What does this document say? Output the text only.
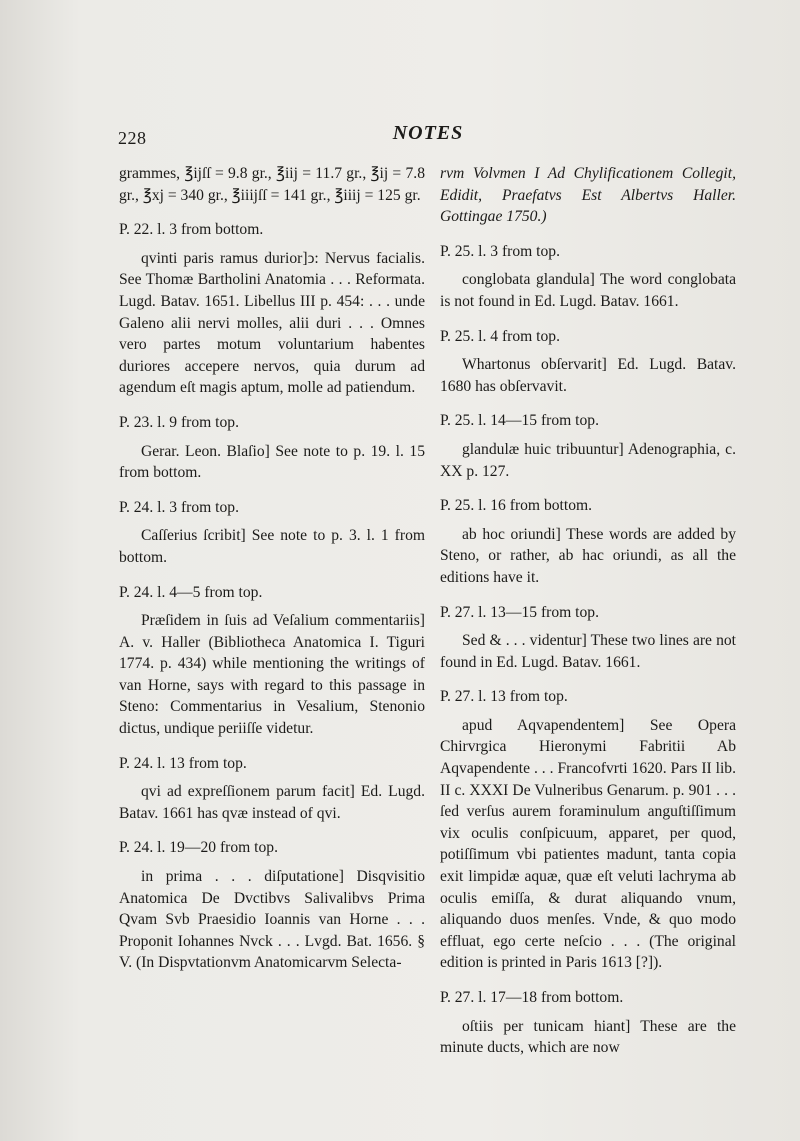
228	NOTES

grammes, ℥ijſſ = 9.8 gr., ℥iij = 11.7 gr., ℥ij = 7.8 gr., ℥xj = 340 gr., ℥iiijſſ = 141 gr., ℥iiij = 125 gr.

P. 22. l. 3 from bottom.

qvinti paris ramus durior]ↄ: Nervus facialis. See Thomæ Bartholini Anatomia . . . Reformata. Lugd. Batav. 1651. Libellus III p. 454: . . . unde Galeno alii nervi molles, alii duri . . . Omnes vero partes motum voluntarium habentes duriores accepere nervos, quia durum ad agendum eſt magis aptum, molle ad patiendum.

P. 23. l. 9 from top.

Gerar. Leon. Blaſio] See note to p. 19. l. 15 from bottom.

P. 24. l. 3 from top.

Caſſerius ſcribit] See note to p. 3. l. 1 from bottom.

P. 24. l. 4—5 from top.

Præſidem in ſuis ad Veſalium commentariis] A. v. Haller (Bibliotheca Anatomica I. Tiguri 1774. p. 434) while mentioning the writings of van Horne, says with regard to this passage in Steno: Commentarius in Vesalium, Stenonio dictus, undique periiſſe videtur.

P. 24. l. 13 from top.

qvi ad expreſſionem parum facit] Ed. Lugd. Batav. 1661 has qvæ instead of qvi.

P. 24. l. 19—20 from top.

in prima . . . diſputatione] Disqvisitio Anatomica De Dvctibvs Salivalibvs Prima Qvam Svb Praesidio Ioannis van Horne . . . Proponit Iohannes Nvck . . . Lvgd. Bat. 1656. § V. (In Dispvtationvm Anatomicarvm Selecta-

rvm Volvmen I Ad Chylificationem Collegit, Edidit, Praefatvs Est Albertvs Haller. Gottingae 1750.)

P. 25. l. 3 from top.

conglobata glandula] The word conglobata is not found in Ed. Lugd. Batav. 1661.

P. 25. l. 4 from top.

Whartonus obſervarit] Ed. Lugd. Batav. 1680 has obſervavit.

P. 25. l. 14—15 from top.

glandulæ huic tribuuntur] Adenographia, c. XX p. 127.

P. 25. l. 16 from bottom.

ab hoc oriundi] These words are added by Steno, or rather, ab hac oriundi, as all the editions have it.

P. 27. l. 13—15 from top.

Sed & . . . videntur] These two lines are not found in Ed. Lugd. Batav. 1661.

P. 27. l. 13 from top.

apud Aqvapendentem] See Opera Chirvrgica Hieronymi Fabritii Ab Aqvapendente . . . Francofvrti 1620. Pars II lib. II c. XXXI De Vulneribus Genarum. p. 901 . . . ſed verſus aurem foraminulum anguſtiſſimum vix oculis conſpicuum, apparet, per quod, potiſſimum vbi patientes madunt, tanta copia exit limpidæ aquæ, quæ eſt veluti lachryma ab oculis emiſſa, & durat aliquando vnum, aliquando duos menſes. Vnde, & quo modo effluat, ego certe neſcio . . . (The original edition is printed in Paris 1613 [?]).

P. 27. l. 17—18 from bottom.

oſtiis per tunicam hiant] These are the minute ducts, which are now
